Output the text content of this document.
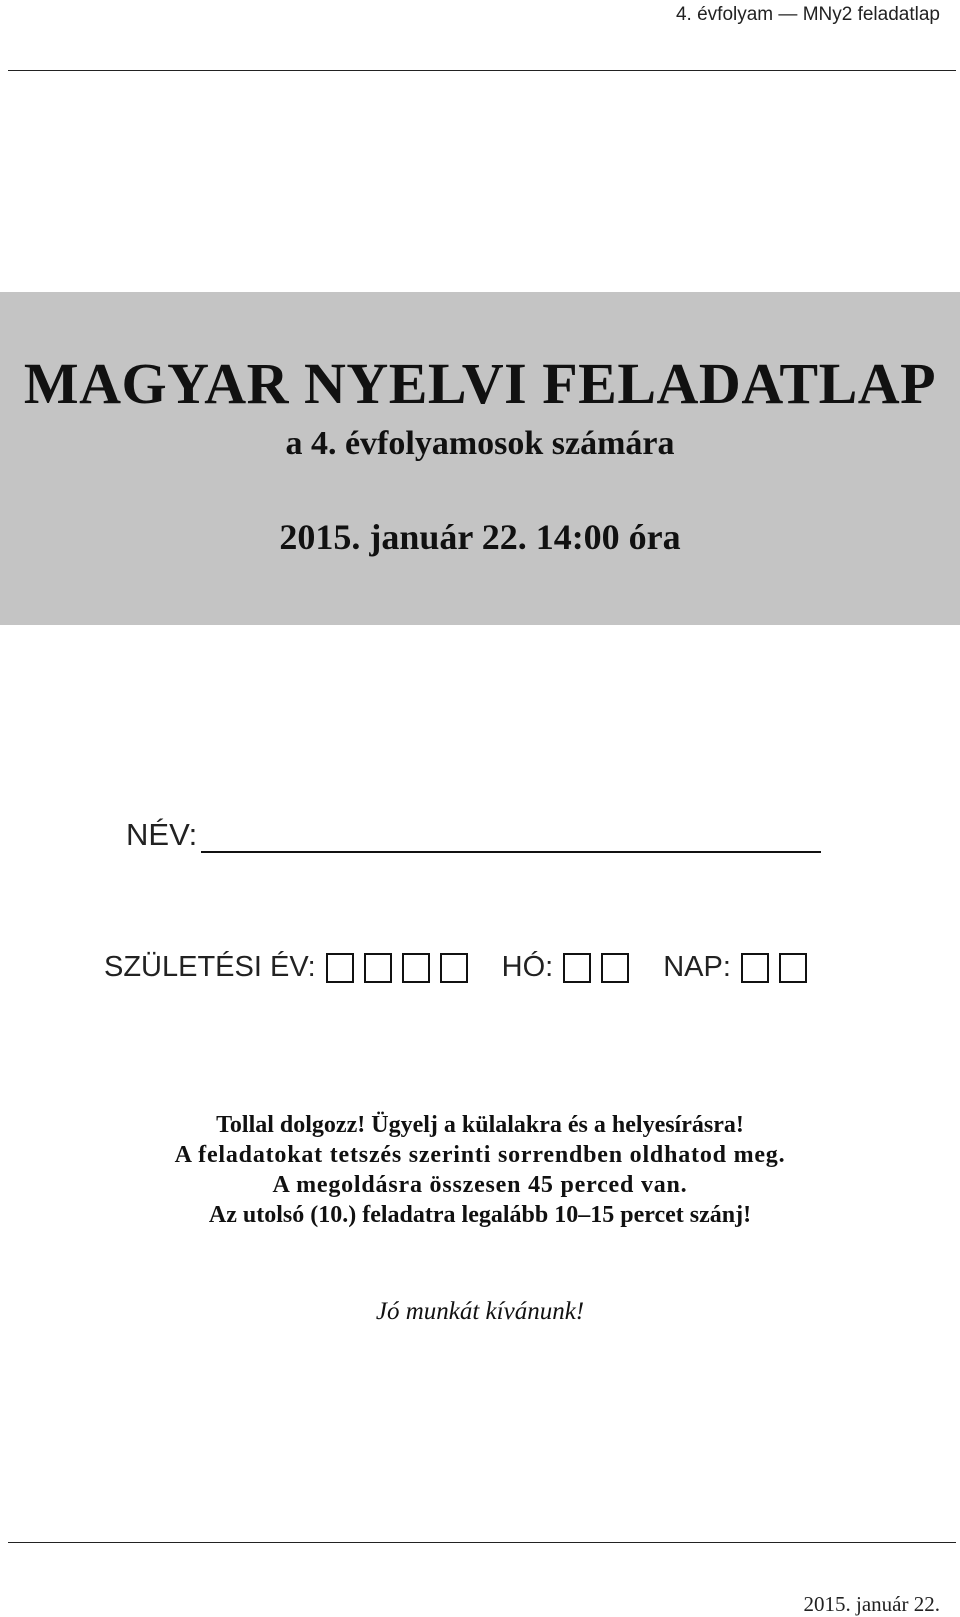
4. évfolyam — MNy2 feladatlap
MAGYAR NYELVI FELADATLAP
a 4. évfolyamosok számára
2015. január 22. 14:00 óra
NÉV:
SZÜLETÉSI ÉV:	HÓ:	NAP:
Tollal dolgozz! Ügyelj a külalakra és a helyesírásra!
A feladatokat tetszés szerinti sorrendben oldhatod meg.
A megoldásra összesen 45 perced van.
Az utolsó (10.) feladatra legalább 10–15 percet szánj!
Jó munkát kívánunk!
2015. január 22.
